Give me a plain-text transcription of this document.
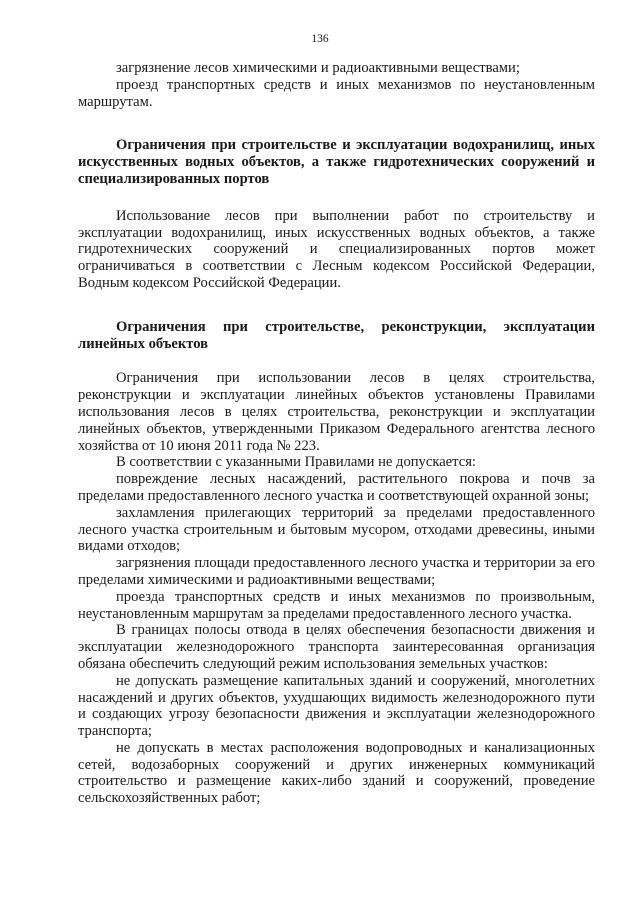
136

загрязнение лесов химическими и радиоактивными веществами;

проезд транспортных средств и иных механизмов по неустановленным маршрутам.

Ограничения при строительстве и эксплуатации водохранилищ, иных искусственных водных объектов, а также гидротехнических сооружений и специализированных портов

Использование лесов при выполнении работ по строительству и эксплуатации водохранилищ, иных искусственных водных объектов, а также гидротехнических сооружений и специализированных портов может ограничиваться в соответствии с Лесным кодексом Российской Федерации, Водным кодексом Российской Федерации.

Ограничения при строительстве, реконструкции, эксплуатации линейных объектов

Ограничения при использовании лесов в целях строительства, реконструкции и эксплуатации линейных объектов установлены Правилами использования лесов в целях строительства, реконструкции и эксплуатации линейных объектов, утвержденными Приказом Федерального агентства лесного хозяйства от 10 июня 2011 года № 223.

В соответствии с указанными Правилами не допускается:

повреждение лесных насаждений, растительного покрова и почв за пределами предоставленного лесного участка и соответствующей охранной зоны;

захламления прилегающих территорий за пределами предоставленного лесного участка строительным и бытовым мусором, отходами древесины, иными видами отходов;

загрязнения площади предоставленного лесного участка и территории за его пределами химическими и радиоактивными веществами;

проезда транспортных средств и иных механизмов по произвольным, неустановленным маршрутам за пределами предоставленного лесного участка.

В границах полосы отвода в целях обеспечения безопасности движения и эксплуатации железнодорожного транспорта заинтересованная организация обязана обеспечить следующий режим использования земельных участков:

не допускать размещение капитальных зданий и сооружений, многолетних насаждений и других объектов, ухудшающих видимость железнодорожного пути и создающих угрозу безопасности движения и эксплуатации железнодорожного транспорта;

не допускать в местах расположения водопроводных и канализационных сетей, водозаборных сооружений и других инженерных коммуникаций строительство и размещение каких-либо зданий и сооружений, проведение сельскохозяйственных работ;
